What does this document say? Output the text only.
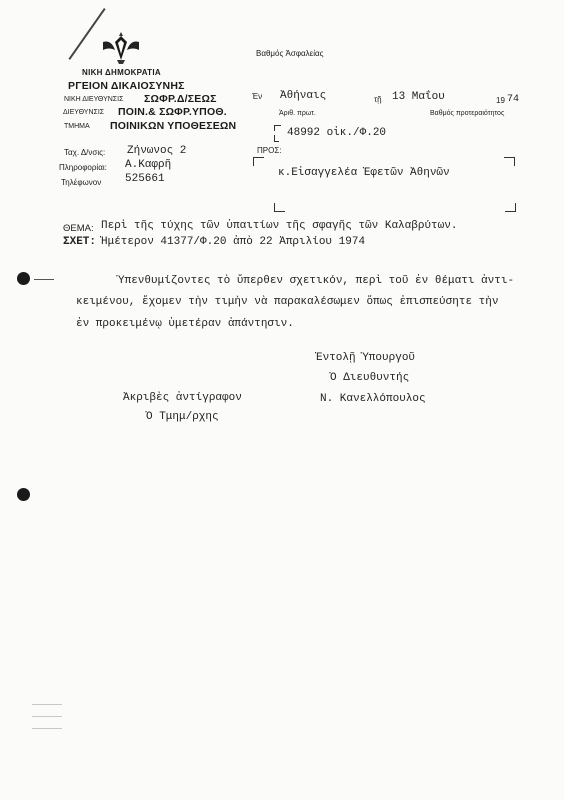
ΝΙΚΗ ΔΗΜΟΚΡΑΤΙΑ
ΡΓΕΙΟΝ ΔΙΚΑΙΟΣΥΝΗΣ
ΝΙΚΗ ΔΙΕΥΘΥΝΣΙΣ ΣΩΦΡ.Δ/ΣΕΩΣ
ΔΙΕΥΘΥΝΣΙΣ ΠΟΙΝ.& ΣΩΦΡ.ΥΠΟΘ.
ΤΜΗΜΑ ΠΟΙΝΙΚΩΝ ΥΠΟΘΕΣΕΩΝ
Βαθμός Ἀσφαλείας
Ἐν Ἀθήναις	τῇ 13 Μαΐου	19 74
Ἀριθ. πρωτ.	Βαθμός προτεραιότητος
48992 οἰκ./Φ.20
Ταχ. Δ/νσις: Ζήνωνος 2
Πληροφορίαι: Α.Καφρῆ
Τηλέφωνον 525661
ΠΡΟΣ:
κ.Εἰσαγγελέα Ἐφετῶν Ἀθηνῶν
ΘΕΜΑ: Περὶ τῆς τύχης τῶν ὑπαιτίων τῆς σφαγῆς τῶν Καλαβρύτων.
ΣΧΕΤ: Ἡμέτερον 41377/Φ.20 ἀπὸ 22 Ἀπριλίου 1974
Ὑπενθυμίζοντες τὸ ὕπερθεν σχετικόν, περὶ τοῦ ἐν θέματι ἀντι-
κειμένου, ἔχομεν τὴν τιμὴν νὰ παρακαλέσωμεν ὅπως ἐπισπεύσητε τὴν
ἐν προκειμένῳ ὑμετέραν ἀπάντησιν.
Ἐντολῇ Ὑπουργοῦ
Ὁ Διευθυντής
Ν. Κανελλόπουλος
Ἀκριβὲς ἀντίγραφον
Ὁ Τμημ/ρχης
